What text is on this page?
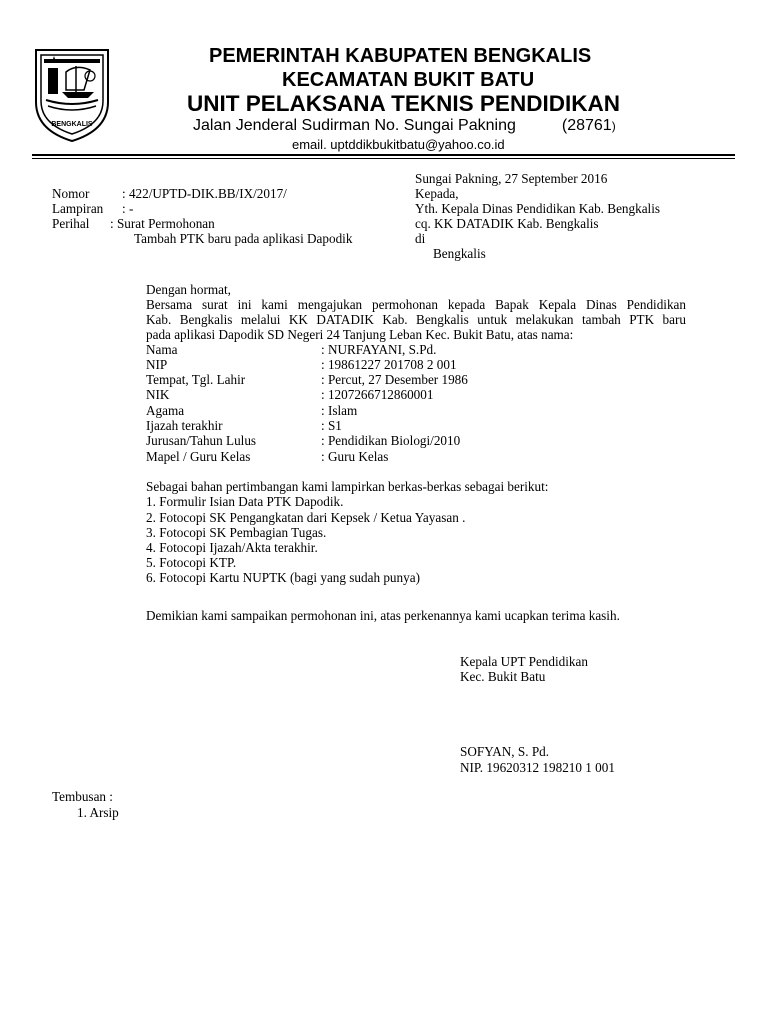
BENGKALIS
PEMERINTAH KABUPATEN BENGKALIS
KECAMATAN BUKIT BATU
UNIT PELAKSANA TEKNIS PENDIDIKAN
Jalan Jenderal Sudirman No. Sungai Pakning	(28761)
email. uptddikbukitbatu@yahoo.co.id
Sungai Pakning, 27 September 2016
Kepada,
Yth. Kepala Dinas Pendidikan Kab. Bengkalis
cq. KK DATADIK Kab. Bengkalis
di
Bengkalis
Nomor : 422/UPTD-DIK.BB/IX/2017/
Lampiran : -
Perihal : Surat Permohonan
Tambah PTK baru pada aplikasi Dapodik
Dengan hormat,
Bersama surat ini kami mengajukan permohonan kepada Bapak Kepala Dinas Pendidikan
Kab. Bengkalis melalui KK DATADIK Kab. Bengkalis untuk melakukan tambah PTK baru
pada aplikasi Dapodik SD Negeri 24 Tanjung Leban Kec. Bukit Batu, atas nama:
Nama	: NURFAYANI, S.Pd.
NIP	: 19861227 201708 2 001
Tempat, Tgl. Lahir	: Percut, 27 Desember 1986
NIK	: 1207266712860001
Agama	: Islam
Ijazah terakhir	: S1
Jurusan/Tahun Lulus	: Pendidikan Biologi/2010
Mapel / Guru Kelas	: Guru Kelas
Sebagai bahan pertimbangan kami lampirkan berkas-berkas sebagai berikut:
1. Formulir Isian Data PTK Dapodik.
2. Fotocopi SK Pengangkatan dari Kepsek / Ketua Yayasan .
3. Fotocopi SK Pembagian Tugas.
4. Fotocopi Ijazah/Akta terakhir.
5. Fotocopi KTP.
6. Fotocopi Kartu NUPTK (bagi yang sudah punya)
Demikian kami sampaikan permohonan ini, atas perkenannya kami ucapkan terima kasih.
Kepala UPT Pendidikan
Kec. Bukit Batu
SOFYAN, S. Pd.
NIP. 19620312 198210 1 001
Tembusan :
1. Arsip
